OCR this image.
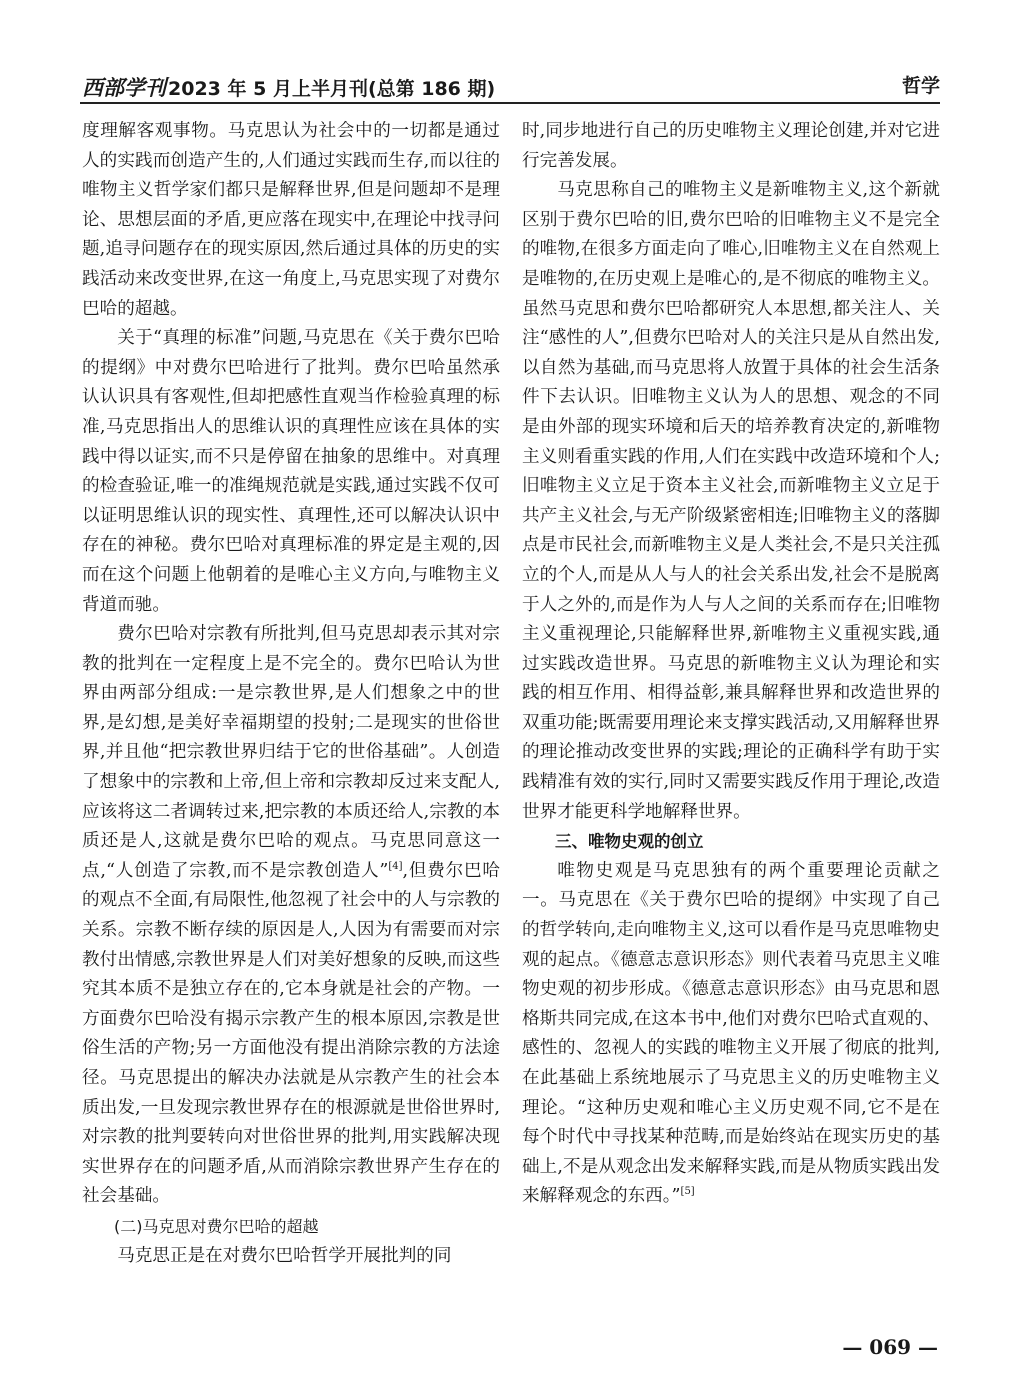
西部学刊 2023 年 5 月上半月刊(总第 186 期)	哲学

度理解客观事物。马克思认为社会中的一切都是通过人的实践而创造产生的,人们通过实践而生存,而以往的唯物主义哲学家们都只是解释世界,但是问题却不是理论、思想层面的矛盾,更应落在现实中,在理论中找寻问题,追寻问题存在的现实原因,然后通过具体的历史的实践活动来改变世界,在这一角度上,马克思实现了对费尔巴哈的超越。

关于“真理的标准”问题,马克思在《关于费尔巴哈的提纲》中对费尔巴哈进行了批判。费尔巴哈虽然承认认识具有客观性,但却把感性直观当作检验真理的标准,马克思指出人的思维认识的真理性应该在具体的实践中得以证实,而不只是停留在抽象的思维中。对真理的检查验证,唯一的准绳规范就是实践,通过实践不仅可以证明思维认识的现实性、真理性,还可以解决认识中存在的神秘。费尔巴哈对真理标准的界定是主观的,因而在这个问题上他朝着的是唯心主义方向,与唯物主义背道而驰。

费尔巴哈对宗教有所批判,但马克思却表示其对宗教的批判在一定程度上是不完全的。费尔巴哈认为世界由两部分组成:一是宗教世界,是人们想象之中的世界,是幻想,是美好幸福期望的投射;二是现实的世俗世界,并且他“把宗教世界归结于它的世俗基础”。人创造了想象中的宗教和上帝,但上帝和宗教却反过来支配人,应该将这二者调转过来,把宗教的本质还给人,宗教的本质还是人,这就是费尔巴哈的观点。马克思同意这一点,“人创造了宗教,而不是宗教创造人”[4],但费尔巴哈的观点不全面,有局限性,他忽视了社会中的人与宗教的关系。宗教不断存续的原因是人,人因为有需要而对宗教付出情感,宗教世界是人们对美好想象的反映,而这些究其本质不是独立存在的,它本身就是社会的产物。一方面费尔巴哈没有揭示宗教产生的根本原因,宗教是世俗生活的产物;另一方面他没有提出消除宗教的方法途径。马克思提出的解决办法就是从宗教产生的社会本质出发,一旦发现宗教世界存在的根源就是世俗世界时,对宗教的批判要转向对世俗世界的批判,用实践解决现实世界存在的问题矛盾,从而消除宗教世界产生存在的社会基础。

(二)马克思对费尔巴哈的超越

马克思正是在对费尔巴哈哲学开展批判的同

时,同步地进行自己的历史唯物主义理论创建,并对它进行完善发展。

马克思称自己的唯物主义是新唯物主义,这个新就区别于费尔巴哈的旧,费尔巴哈的旧唯物主义不是完全的唯物,在很多方面走向了唯心,旧唯物主义在自然观上是唯物的,在历史观上是唯心的,是不彻底的唯物主义。虽然马克思和费尔巴哈都研究人本思想,都关注人、关注“感性的人”,但费尔巴哈对人的关注只是从自然出发,以自然为基础,而马克思将人放置于具体的社会生活条件下去认识。旧唯物主义认为人的思想、观念的不同是由外部的现实环境和后天的培养教育决定的,新唯物主义则看重实践的作用,人们在实践中改造环境和个人;旧唯物主义立足于资本主义社会,而新唯物主义立足于共产主义社会,与无产阶级紧密相连;旧唯物主义的落脚点是市民社会,而新唯物主义是人类社会,不是只关注孤立的个人,而是从人与人的社会关系出发,社会不是脱离于人之外的,而是作为人与人之间的关系而存在;旧唯物主义重视理论,只能解释世界,新唯物主义重视实践,通过实践改造世界。马克思的新唯物主义认为理论和实践的相互作用、相得益彰,兼具解释世界和改造世界的双重功能;既需要用理论来支撑实践活动,又用解释世界的理论推动改变世界的实践;理论的正确科学有助于实践精准有效的实行,同时又需要实践反作用于理论,改造世界才能更科学地解释世界。

三、唯物史观的创立

唯物史观是马克思独有的两个重要理论贡献之一。马克思在《关于费尔巴哈的提纲》中实现了自己的哲学转向,走向唯物主义,这可以看作是马克思唯物史观的起点。《德意志意识形态》则代表着马克思主义唯物史观的初步形成。《德意志意识形态》由马克思和恩格斯共同完成,在这本书中,他们对费尔巴哈式直观的、感性的、忽视人的实践的唯物主义开展了彻底的批判,在此基础上系统地展示了马克思主义的历史唯物主义理论。“这种历史观和唯心主义历史观不同,它不是在每个时代中寻找某种范畴,而是始终站在现实历史的基础上,不是从观念出发来解释实践,而是从物质实践出发来解释观念的东西。”[5]

— 069 —
